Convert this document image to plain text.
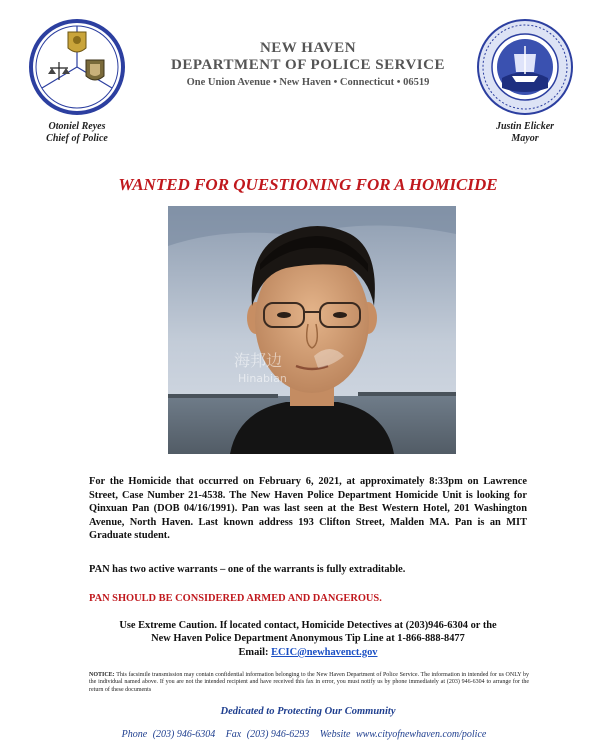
Otoniel Reyes
Chief of Police
NEW HAVEN
DEPARTMENT OF POLICE SERVICE
One Union Avenue • New Haven • Connecticut • 06519
Justin Elicker
Mayor
WANTED FOR QUESTIONING FOR A HOMICIDE
海邦边
Hinabian
For the Homicide that occurred on February 6, 2021, at approximately 8:33pm on Lawrence Street, Case Number 21-4538. The New Haven Police Department Homicide Unit is looking for Qinxuan Pan (DOB 04/16/1991). Pan was last seen at the Best Western Hotel, 201 Washington Avenue, North Haven. Last known address 193 Clifton Street, Malden MA. Pan is an MIT Graduate student.
PAN has two active warrants – one of the warrants is fully extraditable.
PAN SHOULD BE CONSIDERED ARMED AND DANGEROUS.
Use Extreme Caution. If located contact, Homicide Detectives at (203)946-6304 or the
New Haven Police Department Anonymous Tip Line at 1-866-888-8477
Email: ECIC@newhavenct.gov
NOTICE: This facsimile transmission may contain confidential information belonging to the New Haven Department of Police Service. The information in intended for us ONLY by the individual named above. If you are not the intended recipient and have received this fax in error, you must notify us by phone immediately at (203) 946-6304 to arrange for the return of these documents
Dedicated to Protecting Our Community
Phone (203) 946-6304 Fax (203) 946-6293 Website www.cityofnewhaven.com/police
